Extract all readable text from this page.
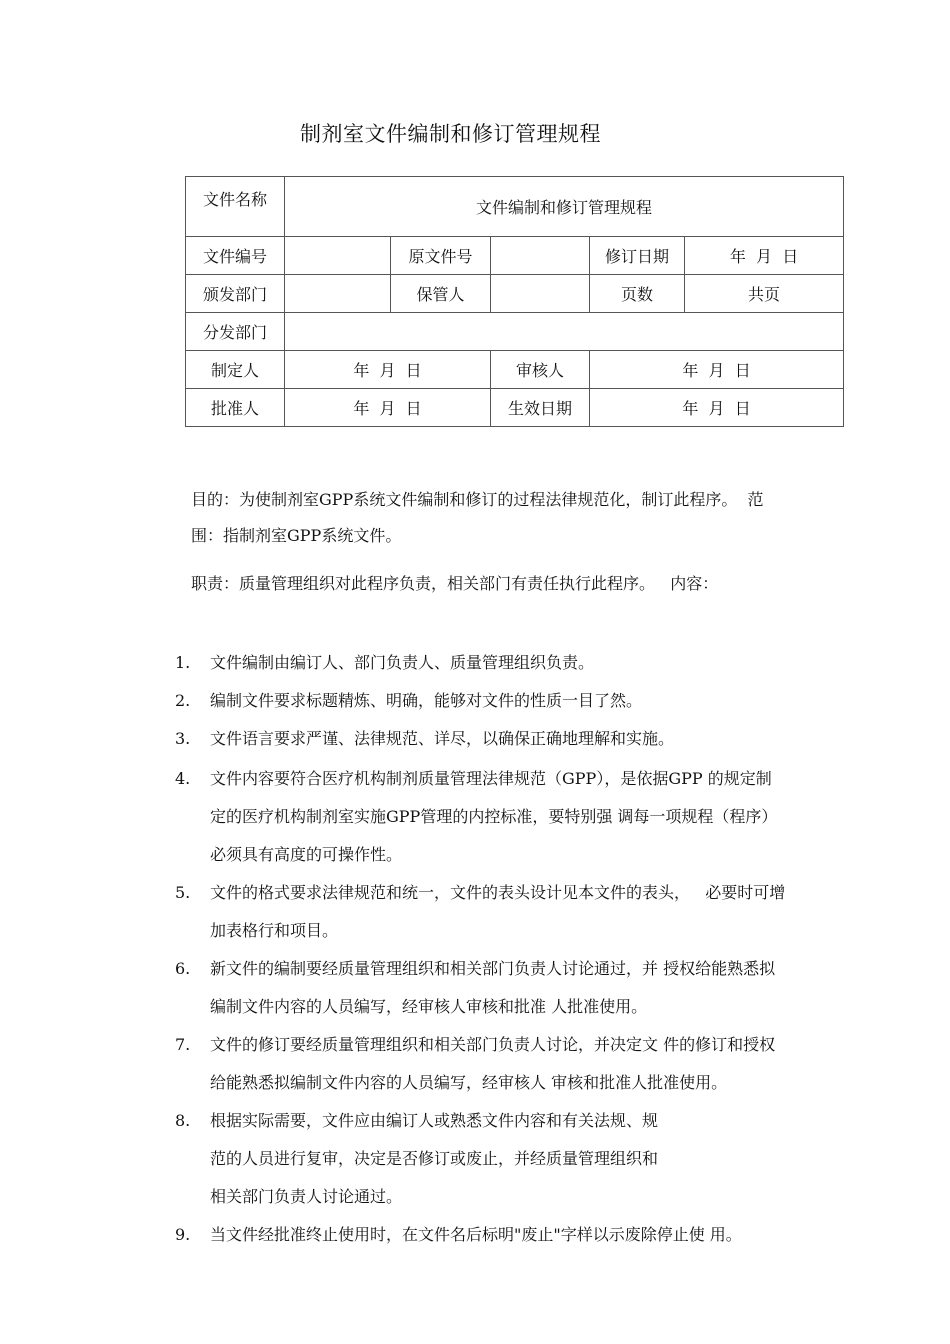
制剂室文件编制和修订管理规程
文件名称	文件编制和修订管理规程				
文件编号		原文件号		修订日期	年  月  日
颁发部门		保管人		页数	共页
分发部门					
制定人	年  月  日		审核人	年  月  日	
批准人	年  月  日		生效日期	年  月  日	
目的：为使制剂室GPP系统文件编制和修订的过程法律规范化，制订此程序。  范
围：指制剂室GPP系统文件。
职责：质量管理组织对此程序负责，相关部门有责任执行此程序。   内容：
1.	文件编制由编订人、部门负责人、质量管理组织负责。
2.	编制文件要求标题精炼、明确，能够对文件的性质一目了然。
3.	文件语言要求严谨、法律规范、详尽，以确保正确地理解和实施。
4.	文件内容要符合医疗机构制剂质量管理法律规范（GPP），是依据GPP 的规定制
定的医疗机构制剂室实施GPP管理的内控标准，要特别强 调每一项规程（程序）
必须具有高度的可操作性。
5.	文件的格式要求法律规范和统一，文件的表头设计见本文件的表头，   必要时可增
加表格行和项目。
6.	新文件的编制要经质量管理组织和相关部门负责人讨论通过，并 授权给能熟悉拟
编制文件内容的人员编写，经审核人审核和批准 人批准使用。
7.	文件的修订要经质量管理组织和相关部门负责人讨论，并决定文 件的修订和授权
给能熟悉拟编制文件内容的人员编写，经审核人 审核和批准人批准使用。
8.	根据实际需要，文件应由编订人或熟悉文件内容和有关法规、规
范的人员进行复审，决定是否修订或废止，并经质量管理组织和
相关部门负责人讨论通过。
9.	当文件经批准终止使用时，在文件名后标明"废止"字样以示废除停止使 用。
